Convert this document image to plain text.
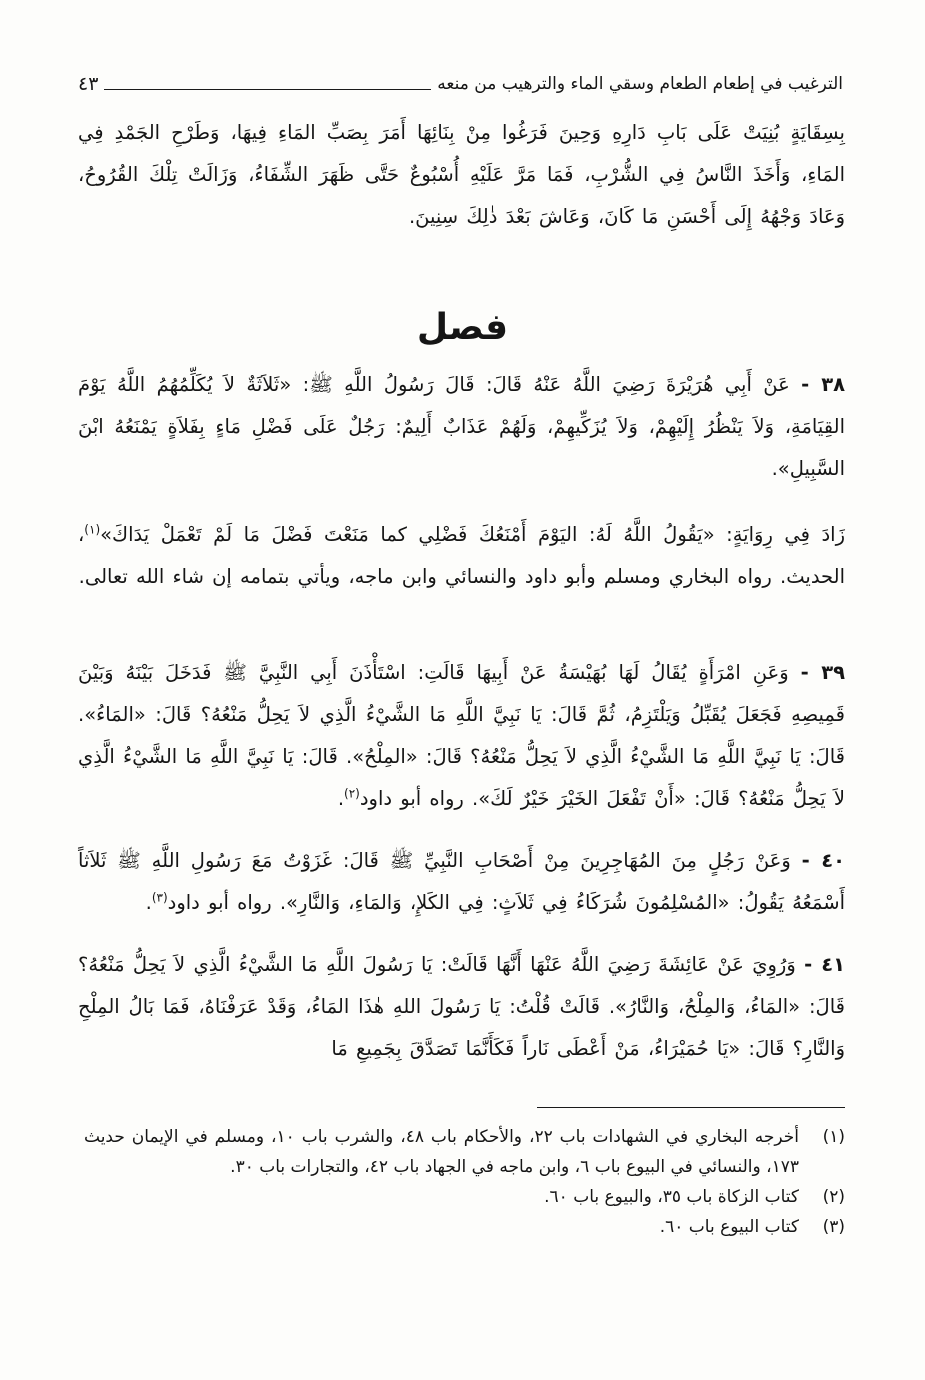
الترغيب في إطعام الطعام وسقي الماء والترهيب من منعه
٤٣

بِسِقَايَةٍ بُنِيَتْ عَلَى بَابِ دَارِهِ وَحِينَ فَرَغُوا مِنْ بِنَائِهَا أَمَرَ بِصَبِّ المَاءِ فِيهَا، وَطَرْحِ الجَمْدِ فِي المَاءِ، وَأَخَذَ النَّاسُ فِي الشُّرْبِ، فَمَا مَرَّ عَلَيْهِ أُسْبُوعٌ حَتَّى ظَهَرَ الشِّفَاءُ، وَزَالَتْ تِلْكَ القُرُوحُ، وَعَادَ وَجْهُهُ إِلَى أَحْسَنِ مَا كَانَ، وَعَاشَ بَعْدَ ذٰلِكَ سِنِينَ.

فصل

٣٨ - عَنْ أَبِي هُرَيْرَةَ رَضِيَ اللَّهُ عَنْهُ قَالَ: قَالَ رَسُولُ اللَّهِ ﷺ: «ثَلاَثَةٌ لاَ يُكَلِّمُهُمُ اللَّهُ يَوْمَ القِيَامَةِ، وَلاَ يَنْظُرُ إِلَيْهِمْ، وَلاَ يُزَكِّيهِمْ، وَلَهُمْ عَذَابٌ أَلِيمٌ: رَجُلٌ عَلَى فَضْلِ مَاءٍ بِفَلاَةٍ يَمْنَعُهُ ابْنَ السَّبِيلِ».

زَادَ فِي رِوَايَةٍ: «يَقُولُ اللَّهُ لَهُ: اليَوْمَ أَمْنَعُكَ فَضْلِي كما مَنَعْتَ فَضْلَ مَا لَمْ تَعْمَلْ يَدَاكَ»$^{(١)}$، الحديث. رواه البخاري ومسلم وأبو داود والنسائي وابن ماجه، ويأتي بتمامه إن شاء الله تعالى.

٣٩ - وَعَنِ امْرَأَةٍ يُقَالُ لَهَا بُهَيْسَةُ عَنْ أَبِيهَا قَالَتِ: اسْتَأْذَنَ أَبِي النَّبِيَّ ﷺ فَدَخَلَ بَيْنَهُ وَبَيْنَ قَمِيصِهِ فَجَعَلَ يُقَبِّلُ وَيَلْتَزِمُ، ثُمَّ قَالَ: يَا نَبِيَّ اللَّهِ مَا الشَّيْءُ الَّذِي لاَ يَحِلُّ مَنْعُهُ؟ قَالَ: «المَاءُ». قَالَ: يَا نَبِيَّ اللَّهِ مَا الشَّيْءُ الَّذِي لاَ يَحِلُّ مَنْعُهُ؟ قَالَ: «المِلْحُ». قَالَ: يَا نَبِيَّ اللَّهِ مَا الشَّيْءُ الَّذِي لاَ يَحِلُّ مَنْعُهُ؟ قَالَ: «أَنْ تَفْعَلَ الخَيْرَ خَيْرٌ لَكَ». رواه أبو داود$^{(٢)}$.

٤٠ - وَعَنْ رَجُلٍ مِنَ المُهَاجِرِينَ مِنْ أَصْحَابِ النَّبِيِّ ﷺ قَالَ: غَزَوْتُ مَعَ رَسُولِ اللَّهِ ﷺ ثَلاَثاً أَسْمَعُهُ يَقُولُ: «المُسْلِمُونَ شُرَكَاءُ فِي ثَلاَثٍ: فِي الكَلإِ، وَالمَاءِ، وَالنَّارِ». رواه أبو داود$^{(٣)}$.

٤١ - وَرُوِيَ عَنْ عَائِشَةَ رَضِيَ اللَّهُ عَنْهَا أَنَّهَا قَالَتْ: يَا رَسُولَ اللَّهِ مَا الشَّيْءُ الَّذِي لاَ يَحِلُّ مَنْعُهُ؟ قَالَ: «المَاءُ، وَالمِلْحُ، وَالنَّارُ». قَالَتْ قُلْتُ: يَا رَسُولَ اللهِ هٰذَا المَاءُ، وَقَدْ عَرَفْنَاهُ، فَمَا بَالُ المِلْحِ وَالنَّارِ؟ قَالَ: «يَا حُمَيْرَاءُ، مَنْ أَعْطَى نَاراً فَكَأَنَّمَا تَصَدَّقَ بِجَمِيعِ مَا

(١)
أخرجه البخاري في الشهادات باب ٢٢، والأحكام باب ٤٨، والشرب باب ١٠، ومسلم في الإيمان حديث ١٧٣، والنسائي في البيوع باب ٦، وابن ماجه في الجهاد باب ٤٢، والتجارات باب ٣٠.
(٢)
كتاب الزكاة باب ٣٥، والبيوع باب ٦٠.
(٣)
كتاب البيوع باب ٦٠.
